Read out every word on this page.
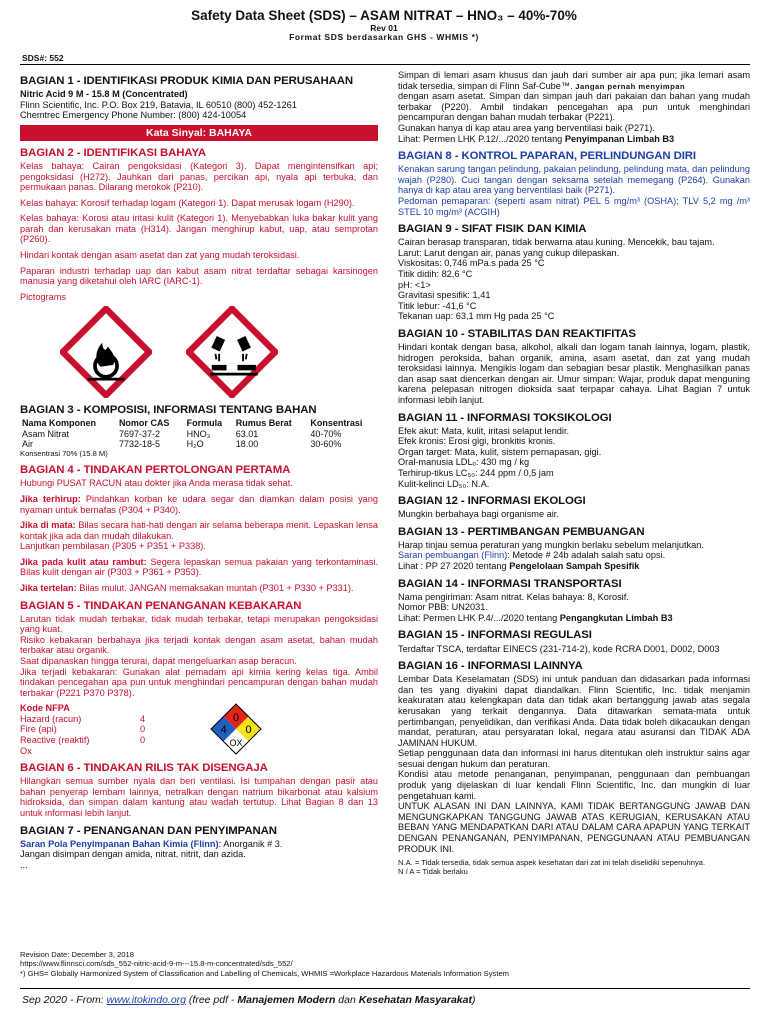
Safety Data Sheet (SDS) – ASAM NITRAT – HNO₃ – 40%-70%
Rev 01
Format SDS berdasarkan GHS - WHMIS *)
SDS#: 552
BAGIAN 1 - IDENTIFIKASI PRODUK KIMIA DAN PERUSAHAAN
Nitric Acid 9 M - 15.8 M (Concentrated)
Flinn Scientific, Inc. P.O. Box 219, Batavia, IL 60510 (800) 452-1261
Chemtrec Emergency Phone Number: (800) 424-10054
Kata Sinyal: BAHAYA
BAGIAN 2 - IDENTIFIKASI BAHAYA

Kelas bahaya: Cairan pengoksidasi (Kategori 3). Dapat mengintensifkan api; pengoksidasi (H272). Jauhkan dari panas, percikan api, nyala api terbuka, dan permukaan panas. Dilarang merokok (P210).

Kelas bahaya: Korosif terhadap logam (Kategori 1). Dapat merusak logam (H290).

Kelas bahaya: Korosi atau iritasi kulit (Kategori 1). Menyebabkan luka bakar kulit yang parah dan kerusakan mata (H314). Jangan menghirup kabut, uap, atau semprotan (P260).

Hindari kontak dengan asam asetat dan zat yang mudah teroksidasi.

Paparan industri terhadap uap dan kabut asam nitrat terdaftar sebagai karsinogen manusia yang diketahui oleh IARC (IARC-1).

Pictograms

BAGIAN 3 - KOMPOSISI, INFORMASI TENTANG BAHAN
Nama Komponen	Nomor CAS	Formula	Rumus Berat	Konsentrasi
Asam Nitrat	7697-37-2	HNO₃	63.01	40-70%
Air	7732-18-5	H₂O	18.00	30-60%
Konsentrasi 70% (15.8 M)
BAGIAN 4 - TINDAKAN PERTOLONGAN PERTAMA

Hubungi PUSAT RACUN atau dokter jika Anda merasa tidak sehat.

Jika terhirup: Pindahkan korban ke udara segar dan diamkan dalam posisi yang nyaman untuk bernafas (P304 + P340).

Jika di mata: Bilas secara hati-hati dengan air selama beberapa menit. Lepaskan lensa kontak jika ada dan mudah dilakukan.

Lanjutkan pembilasan (P305 + P351 + P338).

Jika pada kulit atau rambut: Segera lepaskan semua pakaian yang terkontaminasi. Bilas kulit dengan air (P303 + P361 + P353).

Jika tertelan: Bilas mulut. JANGAN memaksakan muntah (P301 + P330 + P331).

BAGIAN 5 - TINDAKAN PENANGANAN KEBAKARAN

Larutan tidak mudah terbakar, tidak mudah terbakar, tetapi merupakan pengoksidasi yang kuat.

Risiko kebakaran berbahaya jika terjadi kontak dengan asam asetat, bahan mudah terbakar atau organik.

Saat dipanaskan hingga terurai, dapat mengeluarkan asap beracun.

Jika terjadi kebakaran: Gunakan alat pemadam api kimia kering kelas tiga. Ambil tindakan pencegahan apa pun untuk menghindari pencampuran dengan bahan mudah terbakar (P221 P370 P378).

Kode NFPA
Hazard (racun)	4
Fire (api)	0
Reactive (reaktif)	0
Ox
0
4 0
OX
BAGIAN 6 - TINDAKAN RILIS TAK DISENGAJA

Hilangkan semua sumber nyala dan beri ventilasi. Isi tumpahan dengan pasir atau bahan penyerap lembam lainnya, netralkan dengan natrium bikarbonat atau kalsium hidroksida, dan simpan dalam kantung atau wadah tertutup. Lihat Bagian 8 dan 13 untuk informasi lebih lanjut.

BAGIAN 7 - PENANGANAN DAN PENYIMPANAN
Saran Pola Penyimpanan Bahan Kimia (Flinn): Anorganik # 3.
Jangan disimpan dengan amida, nitrat, nitrit, dan azida.
...

Simpan di lemari asam khusus dan jauh dari sumber air apa pun; jika lemari asam tidak tersedia, simpan di Flinn Saf-Cube™. Jangan pernah menyimpan

dengan asam asetat. Simpan dan simpan jauh dari pakaian dan bahan yang mudah terbakar (P220). Ambil tindakan pencegahan apa pun untuk menghindari pencampuran dengan bahan mudah terbakar (P221).

Gunakan hanya di kap atau area yang berventilasi baik (P271).

Lihat: Permen LHK P.12/.../2020 tentang Penyimpanan Limbah B3

BAGIAN 8 - KONTROL PAPARAN, PERLINDUNGAN DIRI

Kenakan sarung tangan pelindung, pakaian pelindung, pelindung mata, dan pelindung wajah (P280). Cuci tangan dengan seksama setelah memegang (P264). Gunakan hanya di kap atau area yang berventilasi baik (P271).

Pedoman pemaparan: (seperti asam nitrat) PEL 5 mg/m³ (OSHA); TLV 5,2 mg /m³ STEL 10 mg/m³ (ACGIH)

BAGIAN 9 - SIFAT FISIK DAN KIMIA
Cairan berasap transparan, tidak berwarna atau kuning. Mencekik, bau tajam.
Larut: Larut dengan air, panas yang cukup dilepaskan.
Viskositas: 0,746 mPa.s pada 25 °C
Titik didih: 82,6 °C
pH: <1>
Gravitasi spesifik: 1,41
Titik lebur: -41,6 °C
Tekanan uap: 63,1 mm Hg pada 25 °C
BAGIAN 10 - STABILITAS DAN REAKTIFITAS

Hindari kontak dengan basa, alkohol, alkali dan logam tanah lainnya, logam, plastik, hidrogen peroksida, bahan organik, amina, asam asetat, dan zat yang mudah teroksidasi lainnya. Mengikis logam dan sebagian besar plastik. Menghasilkan panas dan asap saat diencerkan dengan air. Umur simpan: Wajar, produk dapat menguning karena pelepasan nitrogen dioksida saat terpapar cahaya. Lihat Bagian 7 untuk informasi lebih lanjut.

BAGIAN 11 - INFORMASI TOKSIKOLOGI
Efek akut: Mata, kulit, iritasi selaput lendir.
Efek kronis: Erosi gigi, bronkitis kronis.
Organ target: Mata, kulit, sistem pernapasan, gigi.
Oral-manusia LDLₒ: 430 mg / kg
Terhirup-tikus LC₅₀: 244 ppm / 0,5 jam
Kulit-kelinci LD₅₀: N.A.
BAGIAN 12 - INFORMASI EKOLOGI
Mungkin berbahaya bagi organisme air.
BAGIAN 13 - PERTIMBANGAN PEMBUANGAN
Harap tinjau semua peraturan yang mungkin berlaku sebelum melanjutkan.
Saran pembuangan (Flinn): Metode # 24b adalah salah satu opsi.
Lihat : PP 27 2020 tentang Pengelolaan Sampah Spesifik
BAGIAN 14 - INFORMASI TRANSPORTASI
Nama pengiriman: Asam nitrat. Kelas bahaya: 8, Korosif.
Nomor PBB: UN2031.
Lihat: Permen LHK P.4/.../2020 tentang Pengangkutan Limbah B3
BAGIAN 15 - INFORMASI REGULASI
Terdaftar TSCA, terdaftar EINECS (231-714-2), kode RCRA D001, D002, D003
BAGIAN 16 - INFORMASI LAINNYA

Lembar Data Keselamatan (SDS) ini untuk panduan dan didasarkan pada informasi dan tes yang diyakini dapat diandalkan. Flinn Scientific, Inc. tidak menjamin keakuratan atau kelengkapan data dan tidak akan bertanggung jawab atas segala kerusakan yang terkait dengannya. Data ditawarkan semata-mata untuk pertimbangan, penyelidikan, dan verifikasi Anda. Data tidak boleh dikacaukan dengan mandat, peraturan, atau persyaratan lokal, negara atau asuransi dan TIDAK ADA JAMINAN HUKUM.

Setiap penggunaan data dan informasi ini harus ditentukan oleh instruktur sains agar sesuai dengan hukum dan peraturan.

Kondisi atau metode penanganan, penyimpanan, penggunaan dan pembuangan produk yang dijelaskan di luar kendali Flinn Scientific, Inc. dan mungkin di luar pengetahuan kami.

UNTUK ALASAN INI DAN LAINNYA, KAMI TIDAK BERTANGGUNG JAWAB DAN MENGUNGKAPKAN TANGGUNG JAWAB ATAS KERUGIAN, KERUSAKAN ATAU BEBAN YANG MENDAPATKAN DARI ATAU DALAM CARA APAPUN YANG TERKAIT DENGAN PENANGANAN, PENYIMPANAN, PENGGUNAAN ATAU PEMBUANGAN PRODUK INI.

N.A. = Tidak tersedia, tidak semua aspek kesehatan dari zat ini telah diselidiki sepenuhnya.
N / A = Tidak berlaku
Revision Date: December 3, 2018
https://www.flinnsci.com/sds_552-nitric-acid-9-m---15.8-m-concentrated/sds_552/
*) GHS= Globally Harmonized System of Classification and Labelling of Chemicals, WHMIS =Workplace Hazardous Materials Information System
Sep 2020 - From: www.itokindo.org (free pdf - Manajemen Modern dan Kesehatan Masyarakat)
